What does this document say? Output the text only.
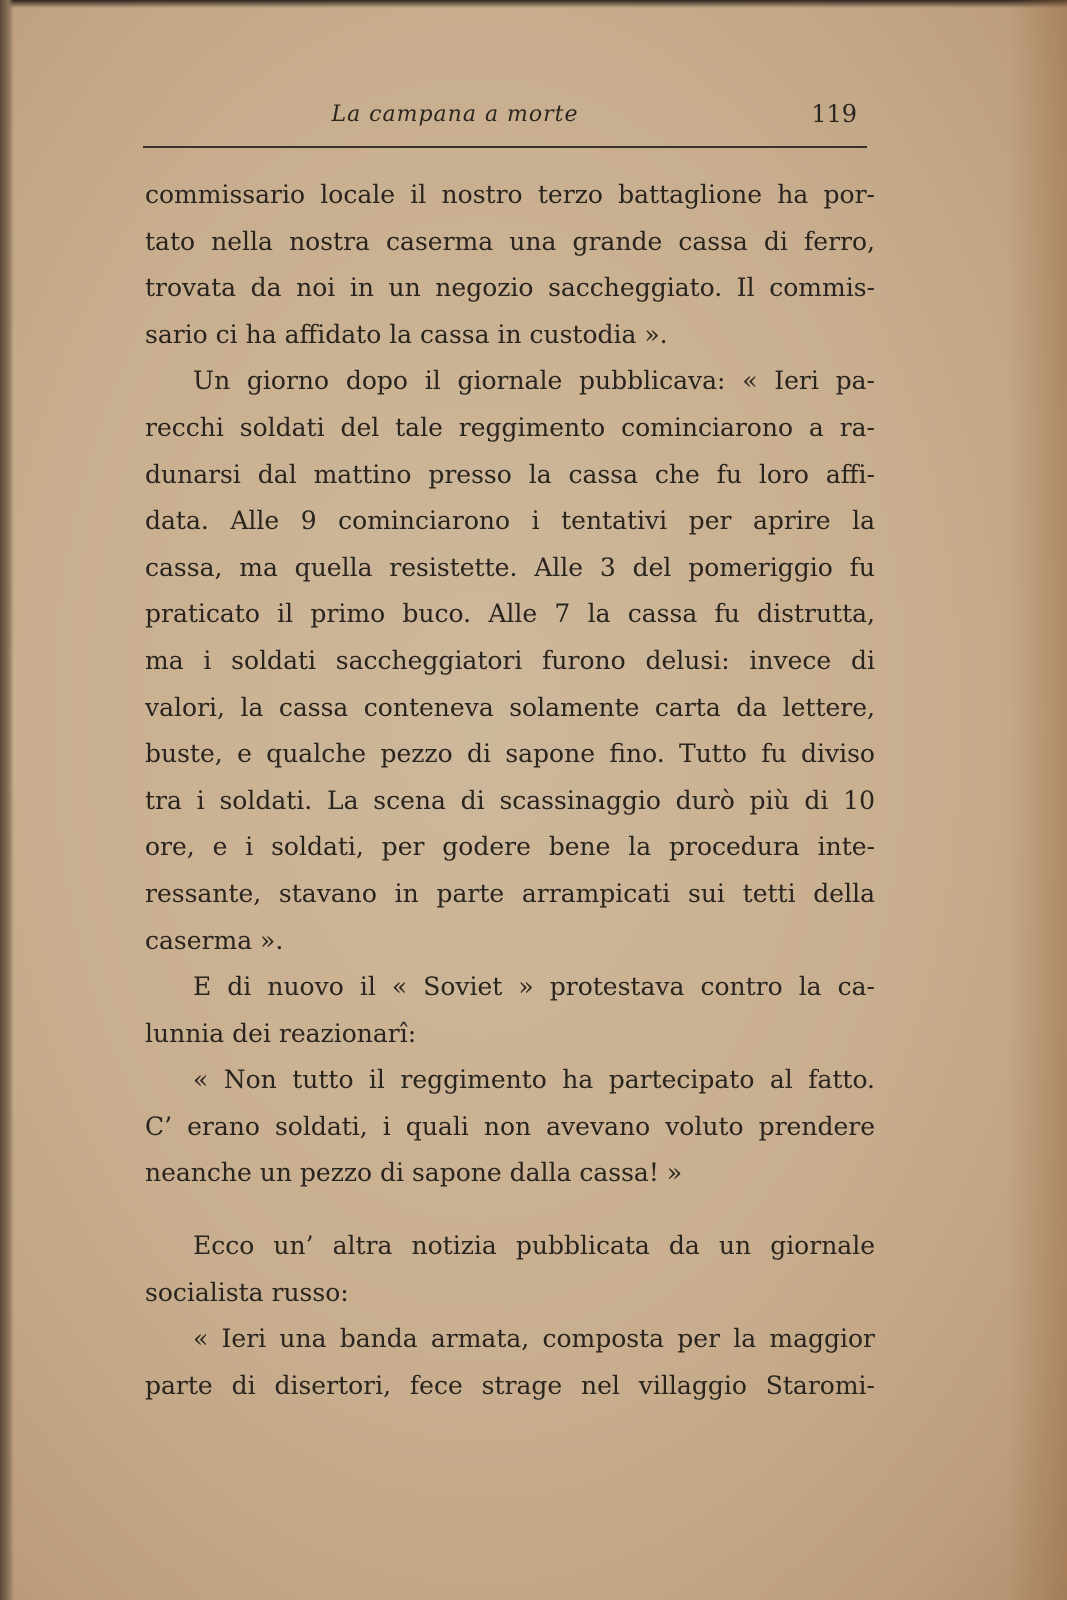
La campana a morte	119
commissario locale il nostro terzo battaglione ha por-
tato nella nostra caserma una grande cassa di ferro,
trovata da noi in un negozio saccheggiato. Il commis-
sario ci ha affidato la cassa in custodia ».
Un giorno dopo il giornale pubblicava: « Ieri pa-
recchi soldati del tale reggimento cominciarono a ra-
dunarsi dal mattino presso la cassa che fu loro affi-
data. Alle 9 cominciarono i tentativi per aprire la
cassa, ma quella resistette. Alle 3 del pomeriggio fu
praticato il primo buco. Alle 7 la cassa fu distrutta,
ma i soldati saccheggiatori furono delusi: invece di
valori, la cassa conteneva solamente carta da lettere,
buste, e qualche pezzo di sapone fino. Tutto fu diviso
tra i soldati. La scena di scassinaggio durò più di 10
ore, e i soldati, per godere bene la procedura inte-
ressante, stavano in parte arrampicati sui tetti della
caserma ».
E di nuovo il « Soviet » protestava contro la ca-
lunnia dei reazionarî:
« Non tutto il reggimento ha partecipato al fatto.
C’ erano soldati, i quali non avevano voluto prendere
neanche un pezzo di sapone dalla cassa! »
Ecco un’ altra notizia pubblicata da un giornale
socialista russo:
« Ieri una banda armata, composta per la maggior
parte di disertori, fece strage nel villaggio Staromi-
